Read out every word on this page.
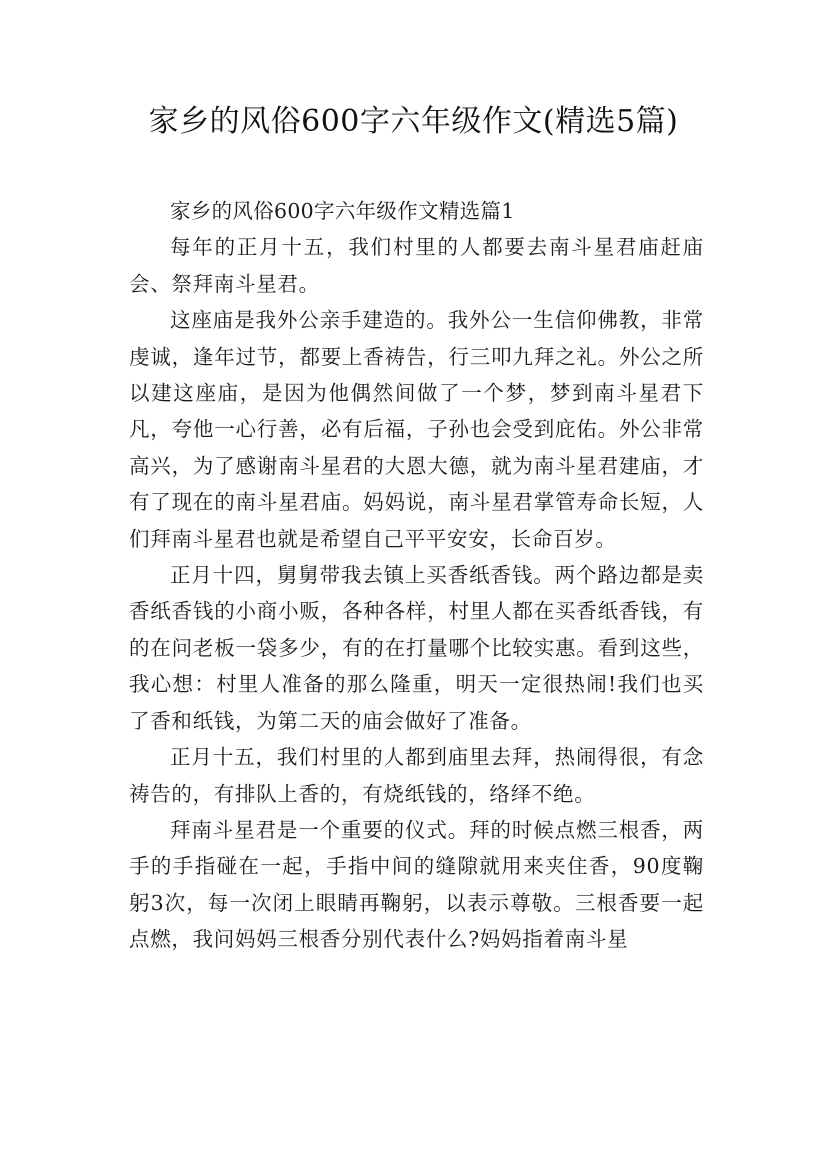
家乡的风俗600字六年级作文(精选5篇)

家乡的风俗600字六年级作文精选篇1

每年的正月十五，我们村里的人都要去南斗星君庙赶庙会、祭拜南斗星君。

这座庙是我外公亲手建造的。我外公一生信仰佛教，非常虔诚，逢年过节，都要上香祷告，行三叩九拜之礼。外公之所以建这座庙，是因为他偶然间做了一个梦，梦到南斗星君下凡，夸他一心行善，必有后福，子孙也会受到庇佑。外公非常高兴，为了感谢南斗星君的大恩大德，就为南斗星君建庙，才有了现在的南斗星君庙。妈妈说，南斗星君掌管寿命长短，人们拜南斗星君也就是希望自己平平安安，长命百岁。

正月十四，舅舅带我去镇上买香纸香钱。两个路边都是卖香纸香钱的小商小贩，各种各样，村里人都在买香纸香钱，有的在问老板一袋多少，有的在打量哪个比较实惠。看到这些，我心想：村里人准备的那么隆重，明天一定很热闹!我们也买了香和纸钱，为第二天的庙会做好了准备。

正月十五，我们村里的人都到庙里去拜，热闹得很，有念祷告的，有排队上香的，有烧纸钱的，络绎不绝。

拜南斗星君是一个重要的仪式。拜的时候点燃三根香，两手的手指碰在一起，手指中间的缝隙就用来夹住香，90度鞠躬3次，每一次闭上眼睛再鞠躬，以表示尊敬。三根香要一起点燃，我问妈妈三根香分别代表什么?妈妈指着南斗星
